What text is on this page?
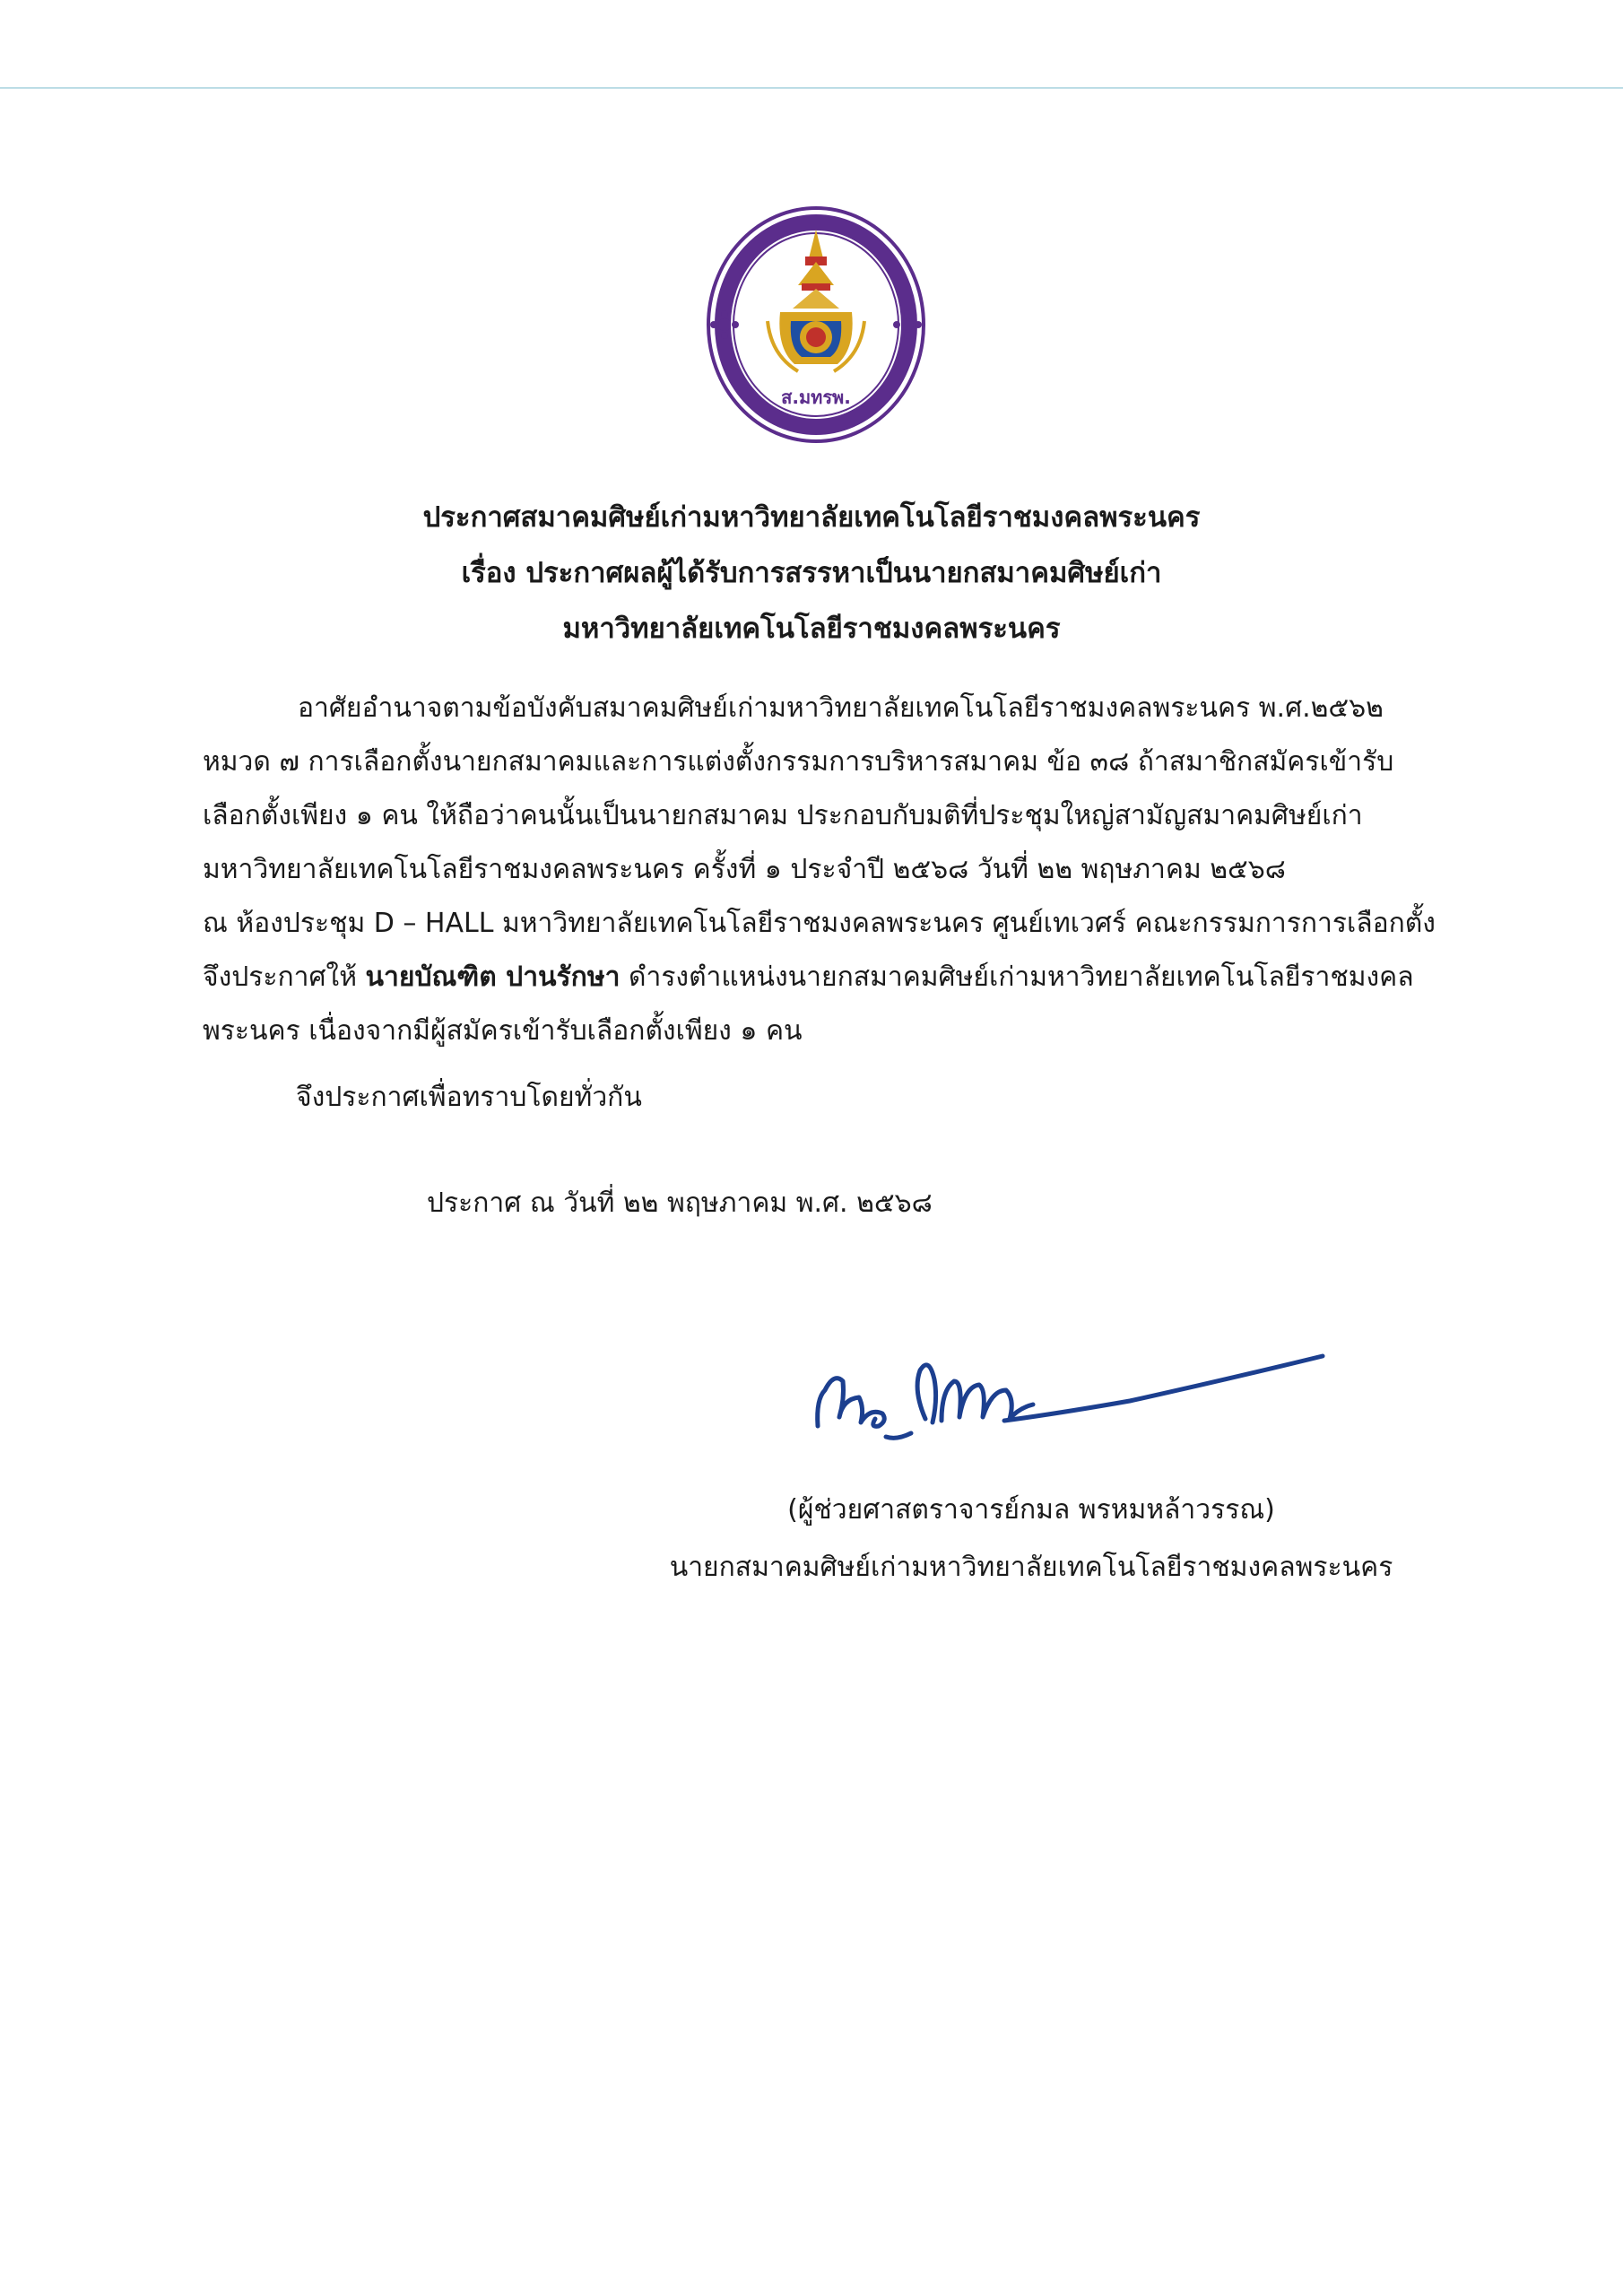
ส.มทรพ.
ประกาศสมาคมศิษย์เก่ามหาวิทยาลัยเทคโนโลยีราชมงคลพระนคร
เรื่อง ประกาศผลผู้ได้รับการสรรหาเป็นนายกสมาคมศิษย์เก่า
มหาวิทยาลัยเทคโนโลยีราชมงคลพระนคร
อาศัยอำนาจตามข้อบังคับสมาคมศิษย์เก่ามหาวิทยาลัยเทคโนโลยีราชมงคลพระนคร พ.ศ.๒๕๖๒
หมวด ๗ การเลือกตั้งนายกสมาคมและการแต่งตั้งกรรมการบริหารสมาคม ข้อ ๓๘ ถ้าสมาชิกสมัครเข้ารับ
เลือกตั้งเพียง ๑ คน ให้ถือว่าคนนั้นเป็นนายกสมาคม ประกอบกับมติที่ประชุมใหญ่สามัญสมาคมศิษย์เก่า
มหาวิทยาลัยเทคโนโลยีราชมงคลพระนคร ครั้งที่ ๑ ประจำปี ๒๕๖๘ วันที่ ๒๒ พฤษภาคม ๒๕๖๘
ณ ห้องประชุม D – HALL มหาวิทยาลัยเทคโนโลยีราชมงคลพระนคร ศูนย์เทเวศร์ คณะกรรมการการเลือกตั้ง
จึงประกาศให้ นายบัณฑิต ปานรักษา ดำรงตำแหน่งนายกสมาคมศิษย์เก่ามหาวิทยาลัยเทคโนโลยีราชมงคล
พระนคร เนื่องจากมีผู้สมัครเข้ารับเลือกตั้งเพียง ๑ คน
จึงประกาศเพื่อทราบโดยทั่วกัน
ประกาศ ณ วันที่ ๒๒ พฤษภาคม พ.ศ. ๒๕๖๘
(ผู้ช่วยศาสตราจารย์กมล พรหมหล้าวรรณ)
นายกสมาคมศิษย์เก่ามหาวิทยาลัยเทคโนโลยีราชมงคลพระนคร
